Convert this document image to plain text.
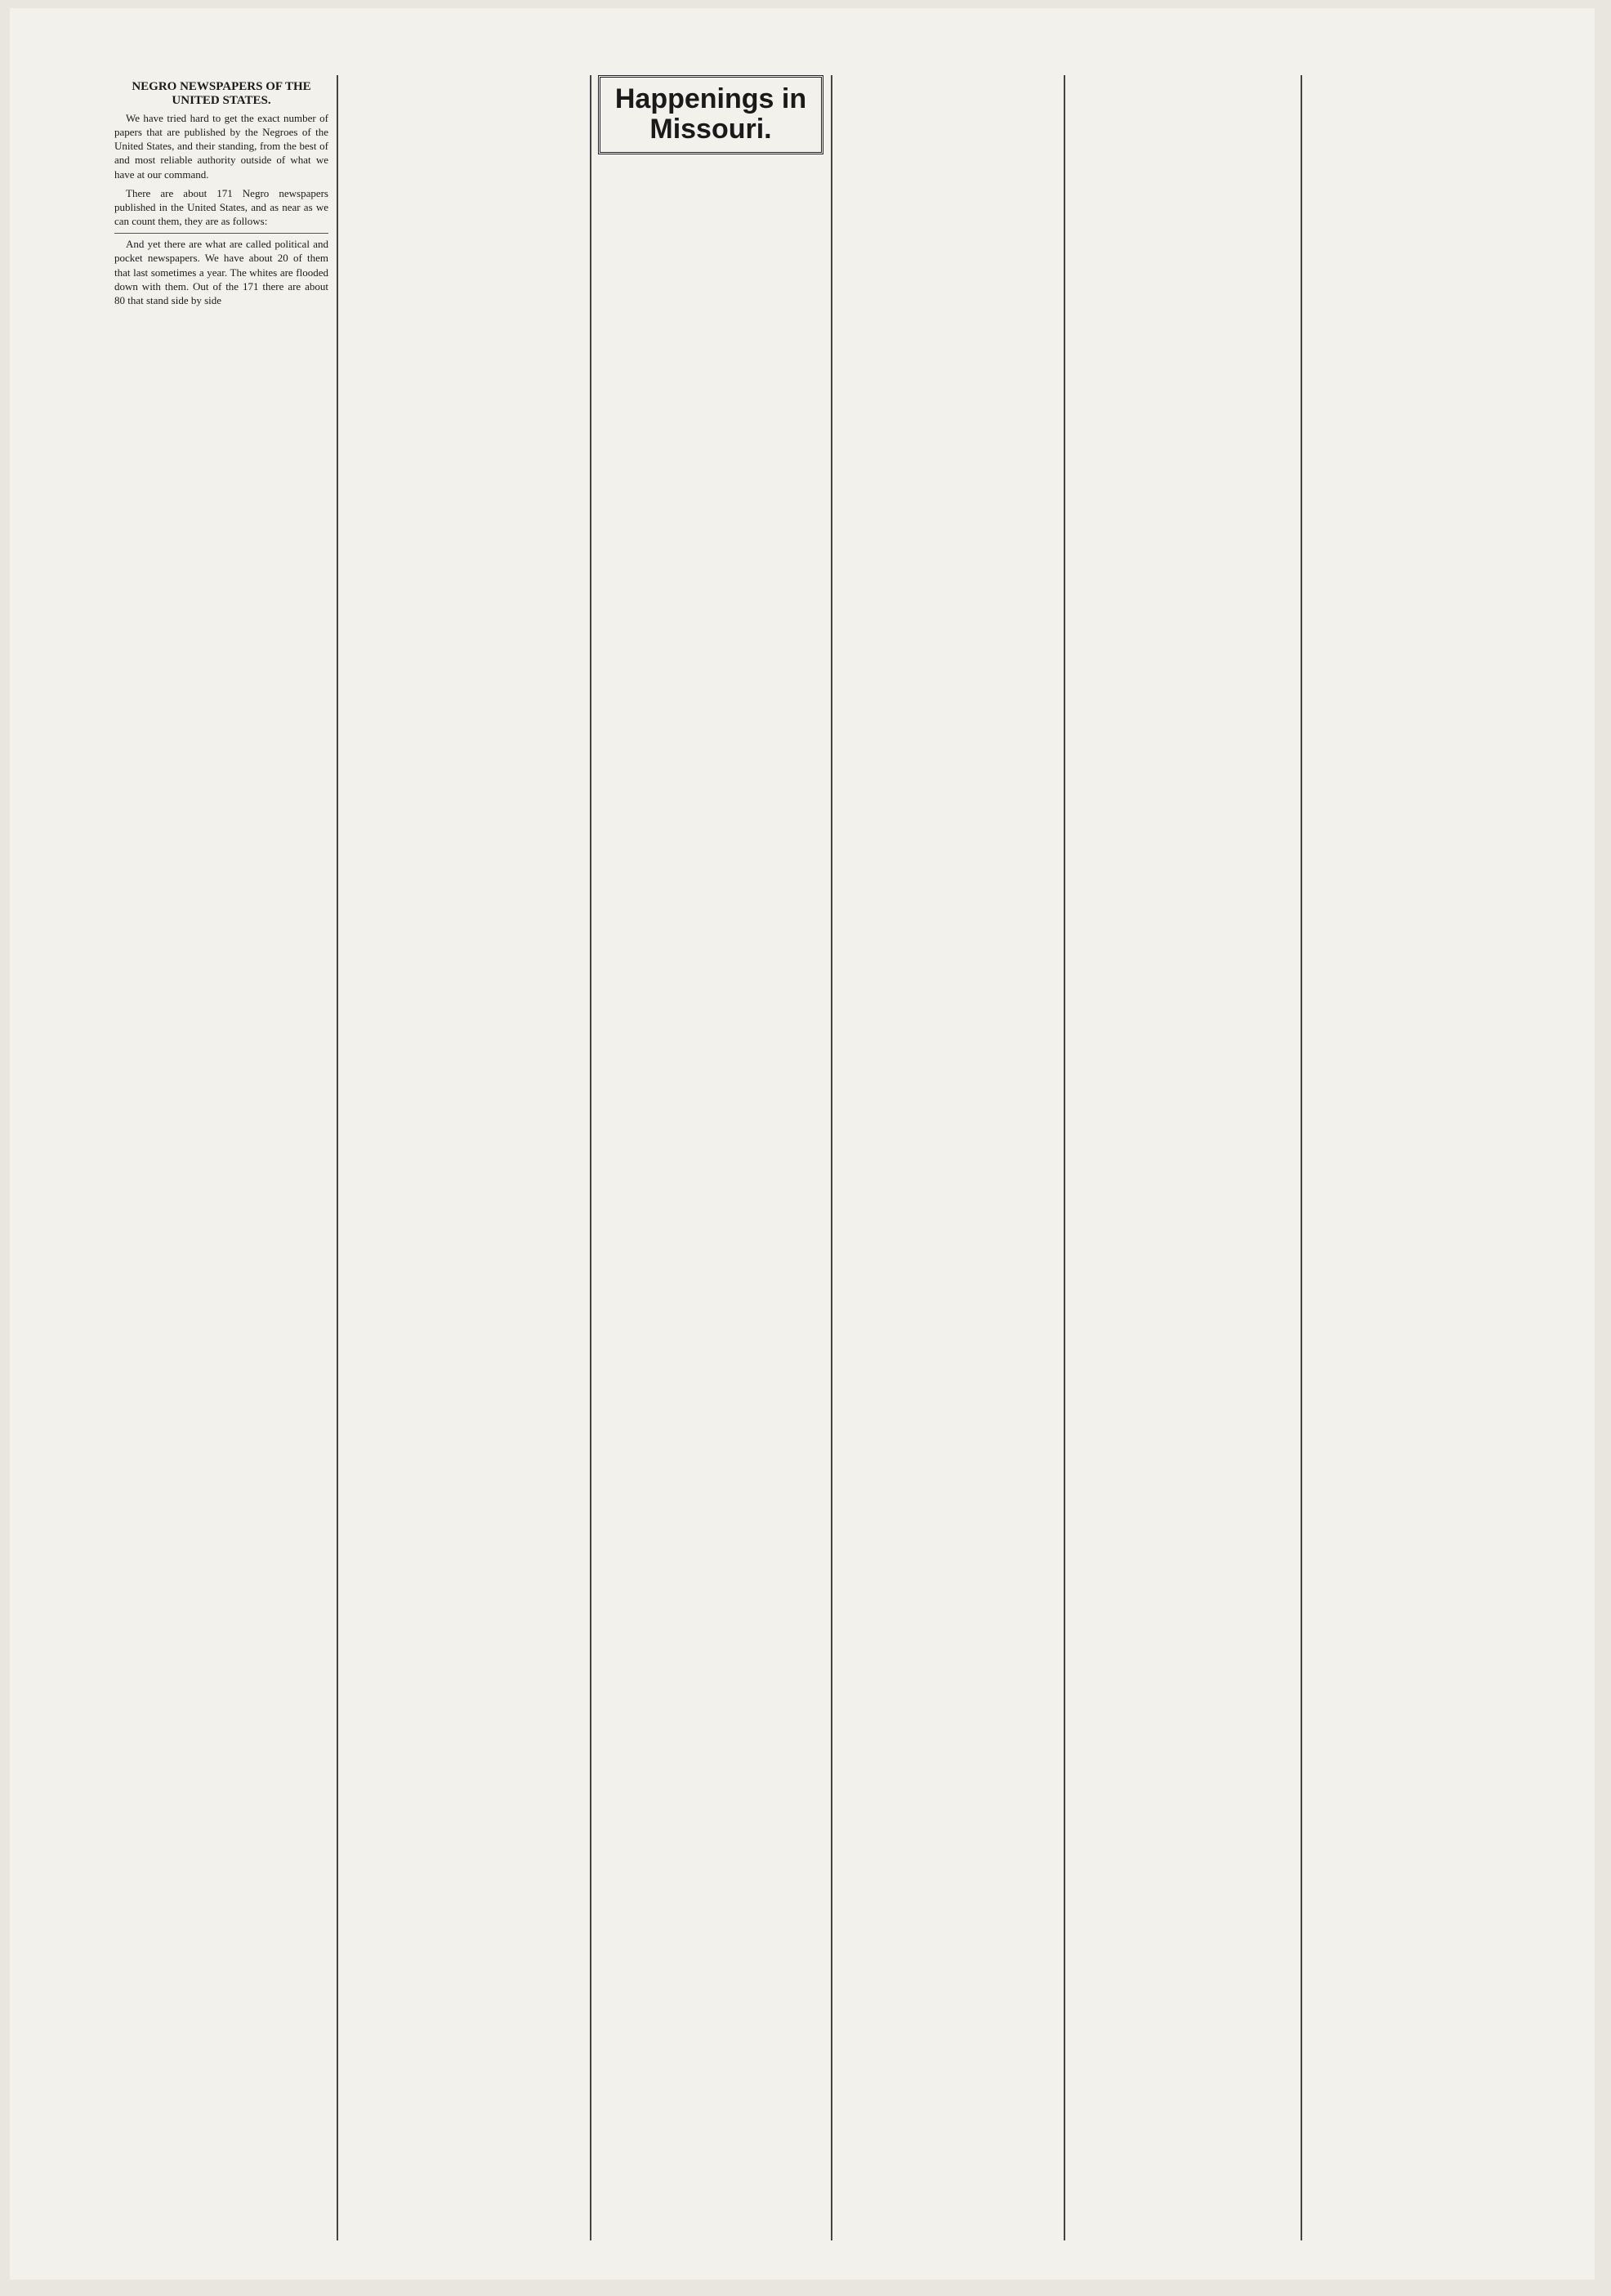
NEGRO NEWSPAPERS OF THE UNITED STATES.

We have tried hard to get the exact number of papers that are published by the Negroes of the United States, and their standing, from the best of and most reliable authority outside of what we have at our command.

There are about 171 Negro newspapers published in the United States, and as near as we can count them, they are as follows:

And yet there are what are called political and pocket newspapers. We have about 20 of them that last sometimes a year. The whites are flooded down with them. Out of the 171 there are about 80 that stand side by side

Happenings in Missouri.
